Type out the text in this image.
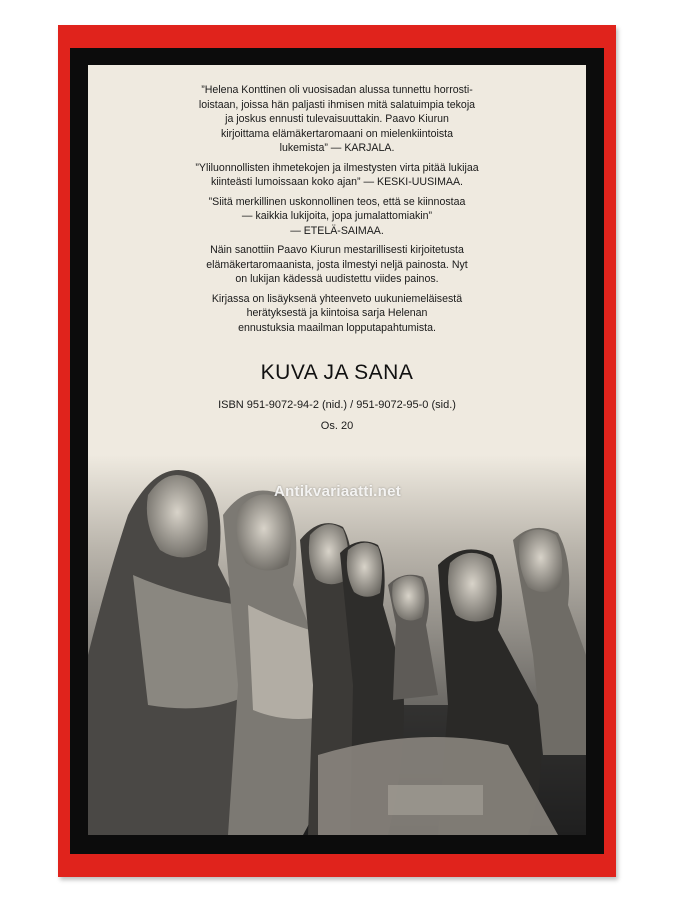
”Helena Konttinen oli vuosisadan alussa tunnettu horrosti-
loistaan, joissa hän paljasti ihmisen mitä salatuimpia tekoja
ja joskus ennusti tulevaisuuttakin. Paavo Kiurun
kirjoittama elämäkertaromaani on mielenkiintoista
lukemista” — KARJALA.

”Yliluonnollisten ihmetekojen ja ilmestysten virta pitää lukijaa
kiinteästi lumoissaan koko ajan” — KESKI-UUSIMAA.

”Siitä merkillinen uskonnollinen teos, että se kiinnostaa
— kaikkia lukijoita, jopa jumalattomiakin”
— ETELÄ-SAIMAA.

Näin sanottiin Paavo Kiurun mestarillisesti kirjoitetusta
elämäkertaromaanista, josta ilmestyi neljä painosta. Nyt
on lukijan kädessä uudistettu viides painos.

Kirjassa on lisäyksenä yhteenveto uukuniemeläisestä
herätyksestä ja kiintoisa sarja Helenan
ennustuksia maailman lopputapahtumista.

KUVA JA SANA
ISBN 951-9072-94-2 (nid.) / 951-9072-95-0 (sid.)
Os. 20
Antikvariaatti.net
